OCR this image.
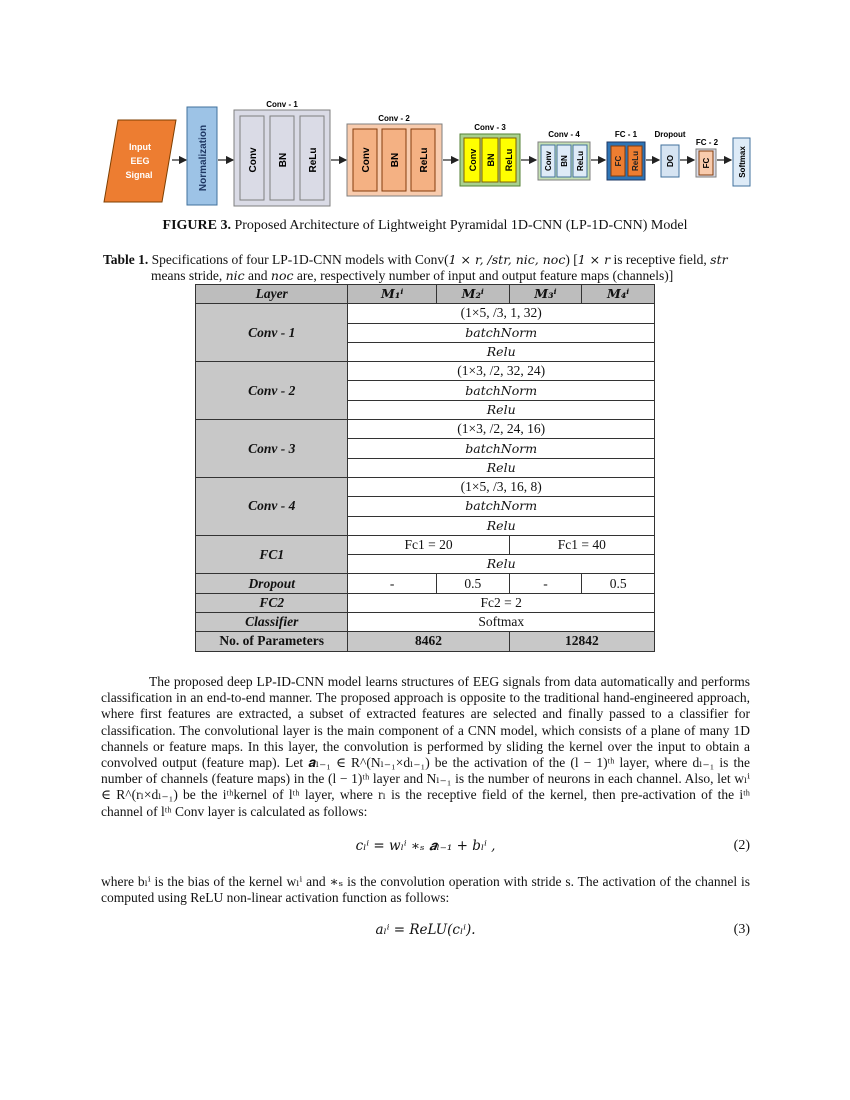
Input
EEG
Signal	Normalization
Conv - 1
Conv BN ReLu
Conv - 2
Conv BN ReLu
Conv - 3
Conv BN ReLu
Conv - 4
Conv BN ReLu
FC - 1
FC ReLu
Dropout
DO
FC - 2
FC	Softmax
FIGURE 3. Proposed Architecture of Lightweight Pyramidal 1D-CNN (LP-1D-CNN) Model
Table 1. Specifications of four LP-1D-CNN models with Conv(1 × r, /str, nic, noc) [1 × r is receptive field, str
means stride, nic and noc are, respectively number of input and output feature maps (channels)]
Layer	M₁ⁱ	M₂ⁱ	M₃ⁱ	M₄ⁱ
Conv - 1	(1×5, /3, 1, 32)			
	batchNorm			
	Relu			
Conv - 2	(1×3, /2, 32, 24)			
	batchNorm			
	Relu			
Conv - 3	(1×3, /2, 24, 16)			
	batchNorm			
	Relu			
Conv - 4	(1×5, /3, 16, 8)			
	batchNorm			
	Relu			
FC1	Fc1 = 20		Fc1 = 40	
	Relu			
Dropout	-	0.5	-	0.5
FC2	Fc2 = 2			
Classifier	Softmax			
No. of Parameters	8462		12842	
The proposed deep LP-ID-CNN model learns structures of EEG signals from data automatically and performs classification in an end-to-end manner. The proposed approach is opposite to the traditional hand-engineered approach, where first features are extracted, a subset of extracted features are selected and finally passed to a classifier for classification. The convolutional layer is the main component of a CNN model, which consists of a plane of many 1D channels or feature maps. In this layer, the convolution is performed by sliding the kernel over the input to obtain a convolved output (feature map). Let 𝒂ₗ₋₁ ∈ R^(Nₗ₋₁×dₗ₋₁) be the activation of the (l − 1)ᵗʰ layer, where dₗ₋₁ is the number of channels (feature maps) in the (l − 1)ᵗʰ layer and Nₗ₋₁ is the number of neurons in each channel. Also, let wₗⁱ ∈ R^(rₗ×dₗ₋₁) be the iᵗʰkernel of lᵗʰ layer, where rₗ is the receptive field of the kernel, then pre-activation of the iᵗʰ channel of lᵗʰ Conv layer is calculated as follows:
cₗⁱ = wₗⁱ ∗ₛ 𝒂ₗ₋₁ + bₗⁱ ,	(2)
where bₗⁱ is the bias of the kernel wₗⁱ and ∗ₛ is the convolution operation with stride s. The activation of the channel is computed using ReLU non-linear activation function as follows:
aₗⁱ = ReLU(cₗⁱ).	(3)
